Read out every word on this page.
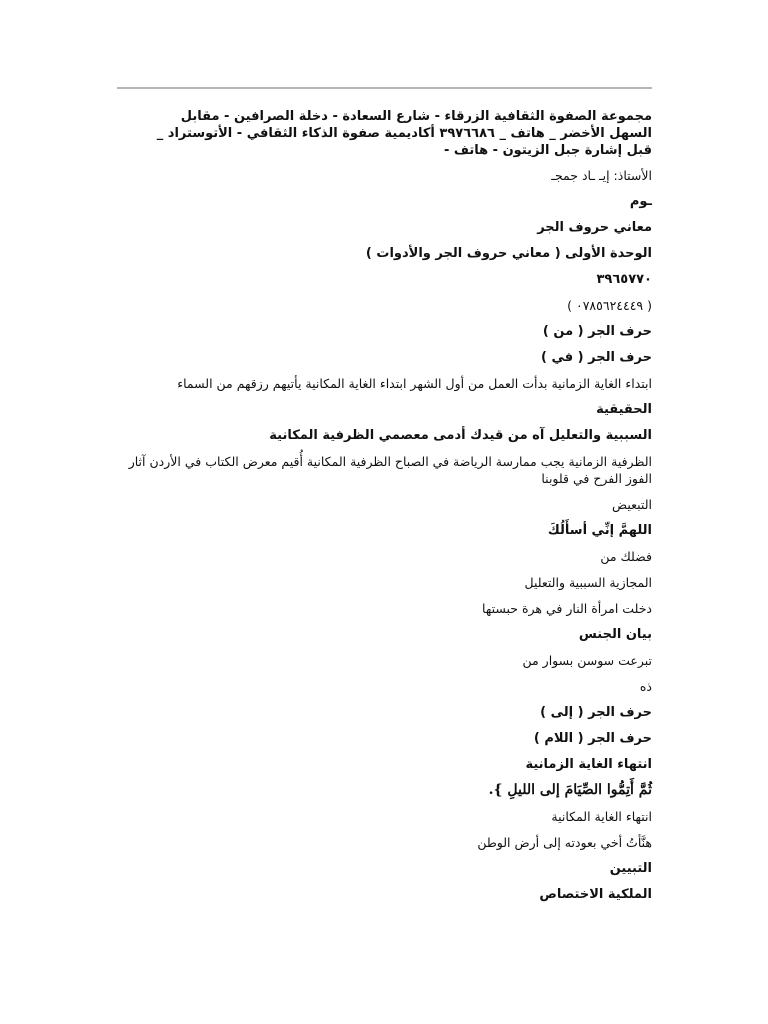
مجموعة الصفوة الثقافية الزرقاء - شارع السعادة - دخلة الصرافين - مقابل
السهل الأخضر _ هاتف _ ٣٩٧٦٦٨٦ أكاديمية صفوة الذكاء الثقافي - الأتوستراد _
قبل إشارة جبل الزيتون - هاتف -
الأستاذ: إيـ ـاد جمجـ
ـوم
معاني حروف الجر
الوحدة الأولى ( معاني حروف الجر والأدوات )
٣٩٦٥٧٧٠
( ٠٧٨٥٦٢٤٤٤٩ )
حرف الجر ( من )
حرف الجر ( في )
ابتداء الغاية الزمانية بدأت العمل من أول الشهر ابتداء الغاية المكانية يأتيهم رزقهم من السماء
الحقيقية
السببية والتعليل آه من قيدك أدمى معصمي الظرفية المكانية
الظرفية الزمانية يجب ممارسة الرياضة في الصباح الظرفية المكانية أُقيم معرض الكتاب في الأردن آثار الفوز الفرح في قلوبنا
التبعيض
اللهمَّ إنِّي أسأَلُكَ
فضلك من
المجازية السببية والتعليل
دخلت امرأة النار في هرة حبستها
بيان الجنس
تبرعت سوسن بسوار من
ذه
حرف الجر ( إلى )
حرف الجر ( اللام )
انتهاء الغاية الزمانية
ثُمَّ أَتِمُّوا الصِّيَامَ إلى الليلِ }.
انتهاء الغاية المكانية
هنَّأتُ أخي بعودته إلى أرض الوطن
التبيين
الملكية الاختصاص
